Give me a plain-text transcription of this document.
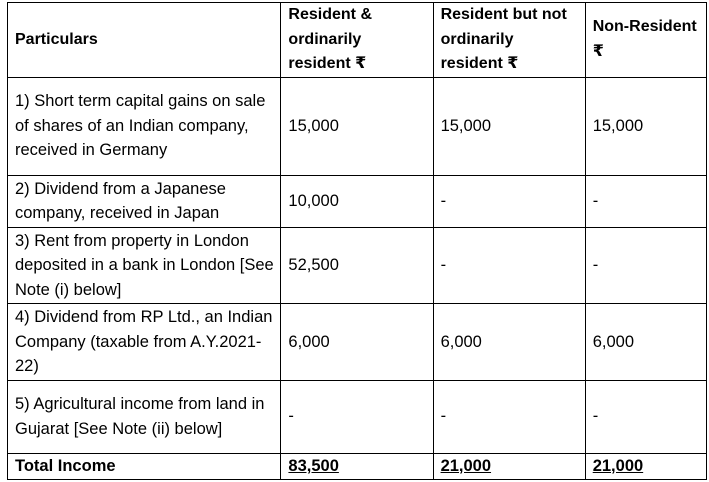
Particulars	Resident & ordinarily resident ₹	Resident but not ordinarily resident ₹	Non-Resident ₹
1) Short term capital gains on sale of shares of an Indian company, received in Germany	15,000	15,000	15,000
2) Dividend from a Japanese company, received in Japan	10,000	-	-
3) Rent from property in London deposited in a bank in London [See Note (i) below]	52,500	-	-
4) Dividend from RP Ltd., an Indian Company (taxable from A.Y.2021-22)	6,000	6,000	6,000
5) Agricultural income from land in Gujarat [See Note (ii) below]	-	-	-
Total Income	83,500	21,000	21,000
